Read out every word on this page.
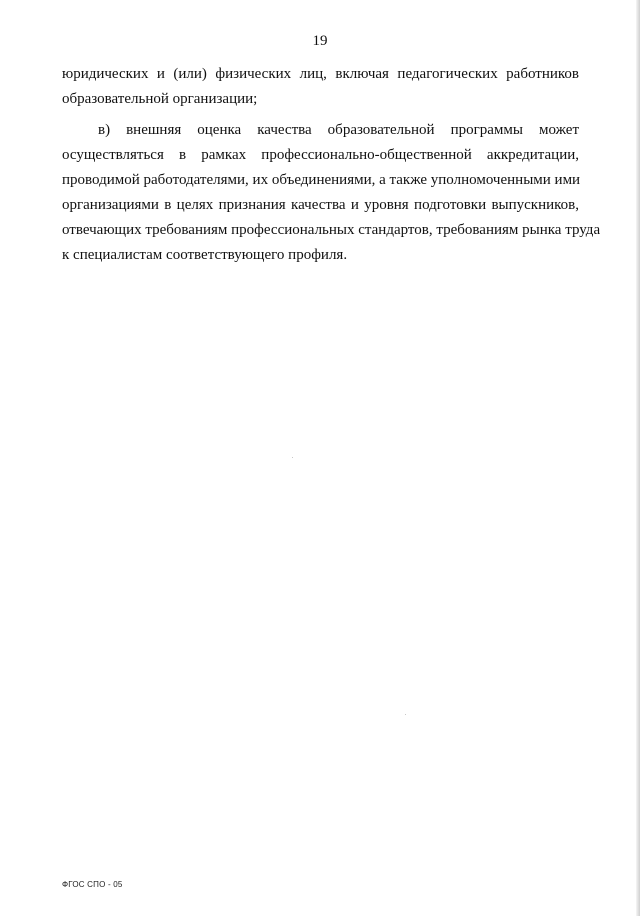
19
юридических и (или) физических лиц, включая педагогических работников
образовательной организации;
в) внешняя оценка качества образовательной программы может
осуществляться в рамках профессионально-общественной аккредитации,
проводимой работодателями, их объединениями, а также уполномоченными ими
организациями в целях признания качества и уровня подготовки выпускников,
отвечающих требованиям профессиональных стандартов, требованиям рынка труда
к специалистам соответствующего профиля.
ФГОС СПО - 05
